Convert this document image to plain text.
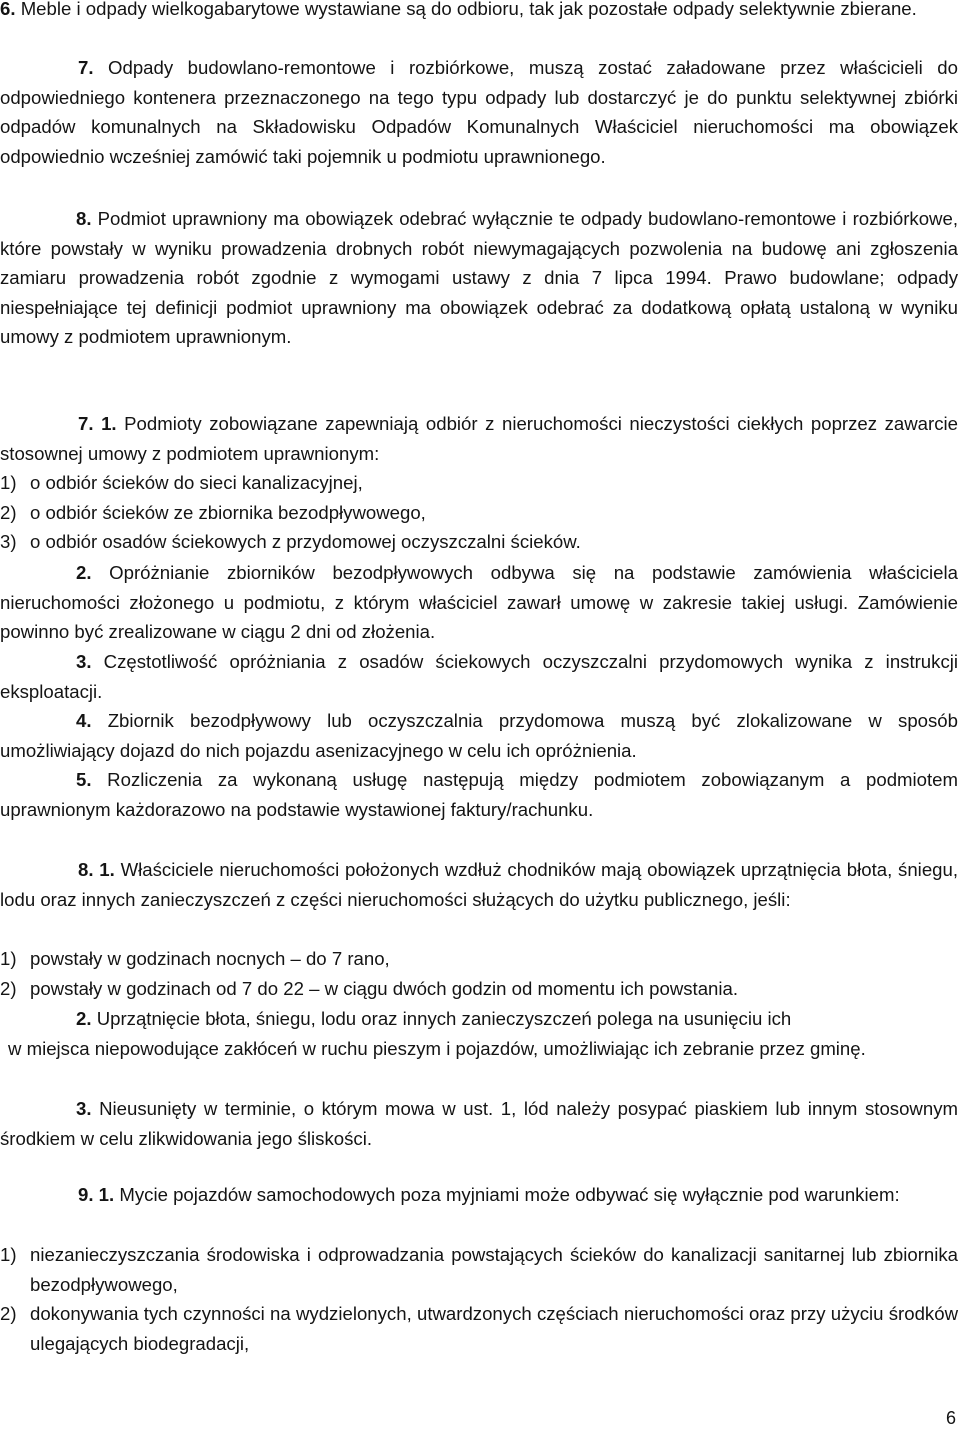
6. Meble i odpady wielkogabarytowe wystawiane są do odbioru, tak jak pozostałe odpady selektywnie zbierane.

7. Odpady budowlano-remontowe i rozbiórkowe, muszą zostać załadowane przez właścicieli do odpowiedniego kontenera przeznaczonego na tego typu odpady lub dostarczyć je do punktu selektywnej zbiórki odpadów komunalnych na Składowisku Odpadów Komunalnych Właściciel nieruchomości ma obowiązek odpowiednio wcześniej zamówić taki pojemnik u podmiotu uprawnionego.

8. Podmiot uprawniony ma obowiązek odebrać wyłącznie te odpady budowlano-remontowe i rozbiórkowe, które powstały w wyniku prowadzenia drobnych robót niewymagających pozwolenia na budowę ani zgłoszenia zamiaru prowadzenia robót zgodnie z wymogami ustawy z dnia 7 lipca 1994. Prawo budowlane; odpady niespełniające tej definicji podmiot uprawniony ma obowiązek odebrać za dodatkową opłatą ustaloną w wyniku umowy z podmiotem uprawnionym.

7. 1. Podmioty zobowiązane zapewniają odbiór z nieruchomości nieczystości ciekłych poprzez zawarcie stosownej umowy z podmiotem uprawnionym:

1) o odbiór ścieków do sieci kanalizacyjnej,
2) o odbiór ścieków ze zbiornika bezodpływowego,
3) o odbiór osadów ściekowych z przydomowej oczyszczalni ścieków.

2. Opróżnianie zbiorników bezodpływowych odbywa się na podstawie zamówienia właściciela nieruchomości złożonego u podmiotu, z którym właściciel zawarł umowę w zakresie takiej usługi. Zamówienie powinno być zrealizowane w ciągu 2 dni od złożenia.

3. Częstotliwość opróżniania z osadów ściekowych oczyszczalni przydomowych wynika z instrukcji eksploatacji.

4. Zbiornik bezodpływowy lub oczyszczalnia przydomowa muszą być zlokalizowane w sposób umożliwiający dojazd do nich pojazdu asenizacyjnego w celu ich opróżnienia.

5. Rozliczenia za wykonaną usługę następują między podmiotem zobowiązanym a podmiotem uprawnionym każdorazowo na podstawie wystawionej faktury/rachunku.

8. 1. Właściciele nieruchomości położonych wzdłuż chodników mają obowiązek uprzątnięcia błota, śniegu, lodu oraz innych zanieczyszczeń z części nieruchomości służących do użytku publicznego, jeśli:

1) powstały w godzinach nocnych – do 7 rano,
2) powstały w godzinach od 7 do 22 – w ciągu dwóch godzin od momentu ich powstania.

2. Uprzątnięcie błota, śniegu, lodu oraz innych zanieczyszczeń polega na usunięciu ich

w miejsca niepowodujące zakłóceń w ruchu pieszym i pojazdów, umożliwiając ich zebranie przez gminę.

3. Nieusunięty w terminie, o którym mowa w ust. 1, lód należy posypać piaskiem lub innym stosownym środkiem w celu zlikwidowania jego śliskości.

9. 1. Mycie pojazdów samochodowych poza myjniami może odbywać się wyłącznie pod warunkiem:

1) niezanieczyszczania środowiska i odprowadzania powstających ścieków do kanalizacji sanitarnej lub zbiornika bezodpływowego,
2) dokonywania tych czynności na wydzielonych, utwardzonych częściach nieruchomości oraz przy użyciu środków ulegających biodegradacji,
6
